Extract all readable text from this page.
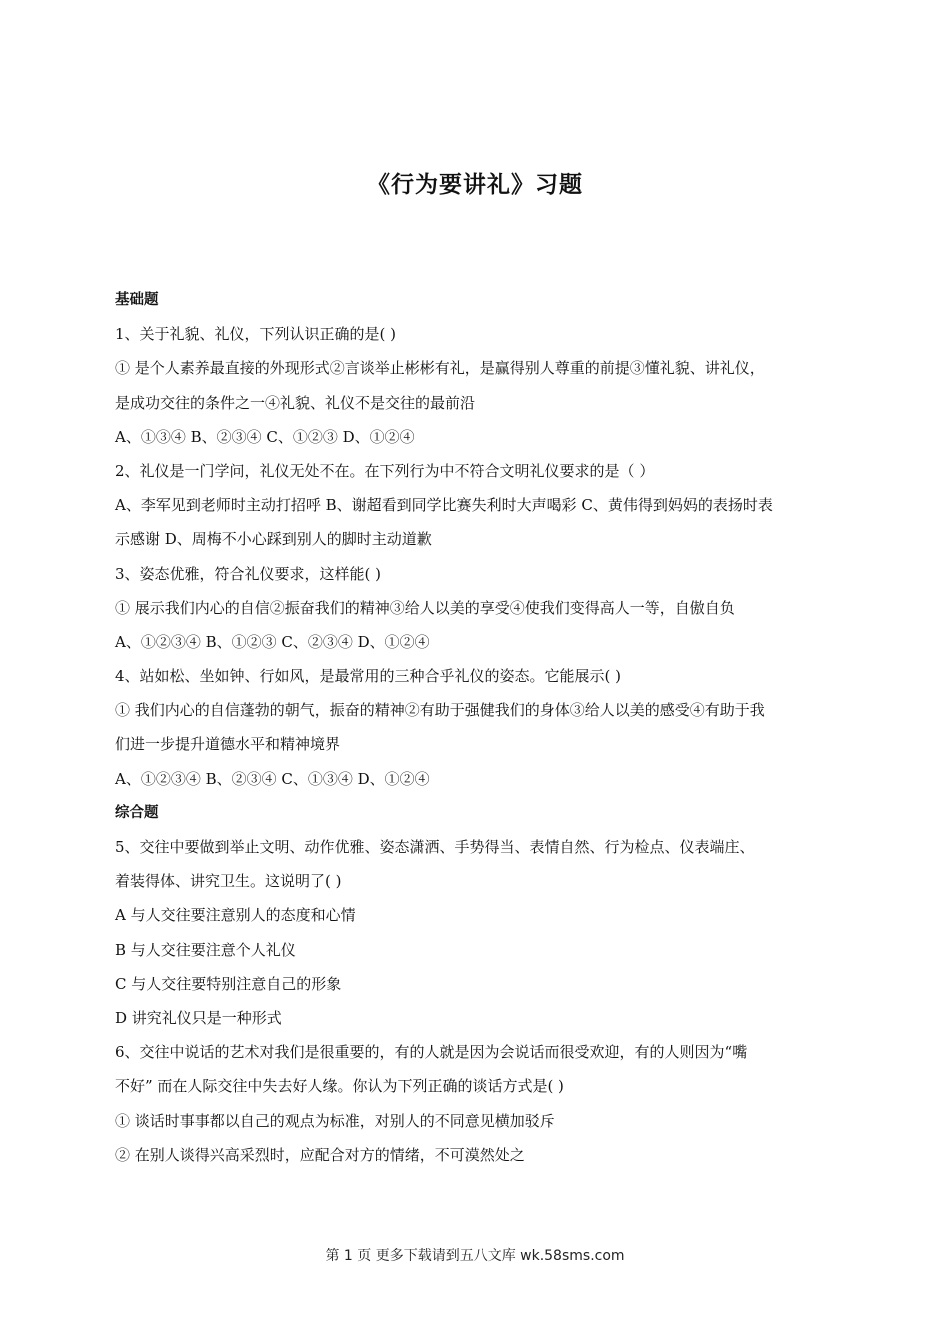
《行为要讲礼》习题
基础题
1、关于礼貌、礼仪，下列认识正确的是( )
① 是个人素养最直接的外现形式②言谈举止彬彬有礼，是赢得别人尊重的前提③懂礼貌、讲礼仪，
是成功交往的条件之一④礼貌、礼仪不是交往的最前沿
A、①③④ B、②③④ C、①②③ D、①②④
2、礼仪是一门学问，礼仪无处不在。在下列行为中不符合文明礼仪要求的是（ ）
A、李军见到老师时主动打招呼 B、谢超看到同学比赛失利时大声喝彩 C、黄伟得到妈妈的表扬时表
示感谢 D、周梅不小心踩到别人的脚时主动道歉
3、姿态优雅，符合礼仪要求，这样能( )
① 展示我们内心的自信②振奋我们的精神③给人以美的享受④使我们变得高人一等，自傲自负
A、①②③④ B、①②③ C、②③④ D、①②④
4、站如松、坐如钟、行如风，是最常用的三种合乎礼仪的姿态。它能展示( )
① 我们内心的自信蓬勃的朝气，振奋的精神②有助于强健我们的身体③给人以美的感受④有助于我
们进一步提升道德水平和精神境界
A、①②③④ B、②③④ C、①③④ D、①②④
综合题
5、交往中要做到举止文明、动作优雅、姿态潇洒、手势得当、表情自然、行为检点、仪表端庄、
着装得体、讲究卫生。这说明了( )
A 与人交往要注意别人的态度和心情
B 与人交往要注意个人礼仪
C 与人交往要特别注意自己的形象
D 讲究礼仪只是一种形式
6、交往中说话的艺术对我们是很重要的，有的人就是因为会说话而很受欢迎，有的人则因为“嘴
不好” 而在人际交往中失去好人缘。你认为下列正确的谈话方式是( )
① 谈话时事事都以自己的观点为标准，对别人的不同意见横加驳斥
② 在别人谈得兴高采烈时，应配合对方的情绪，不可漠然处之
第 1 页 更多下载请到五八文库 wk.58sms.com
